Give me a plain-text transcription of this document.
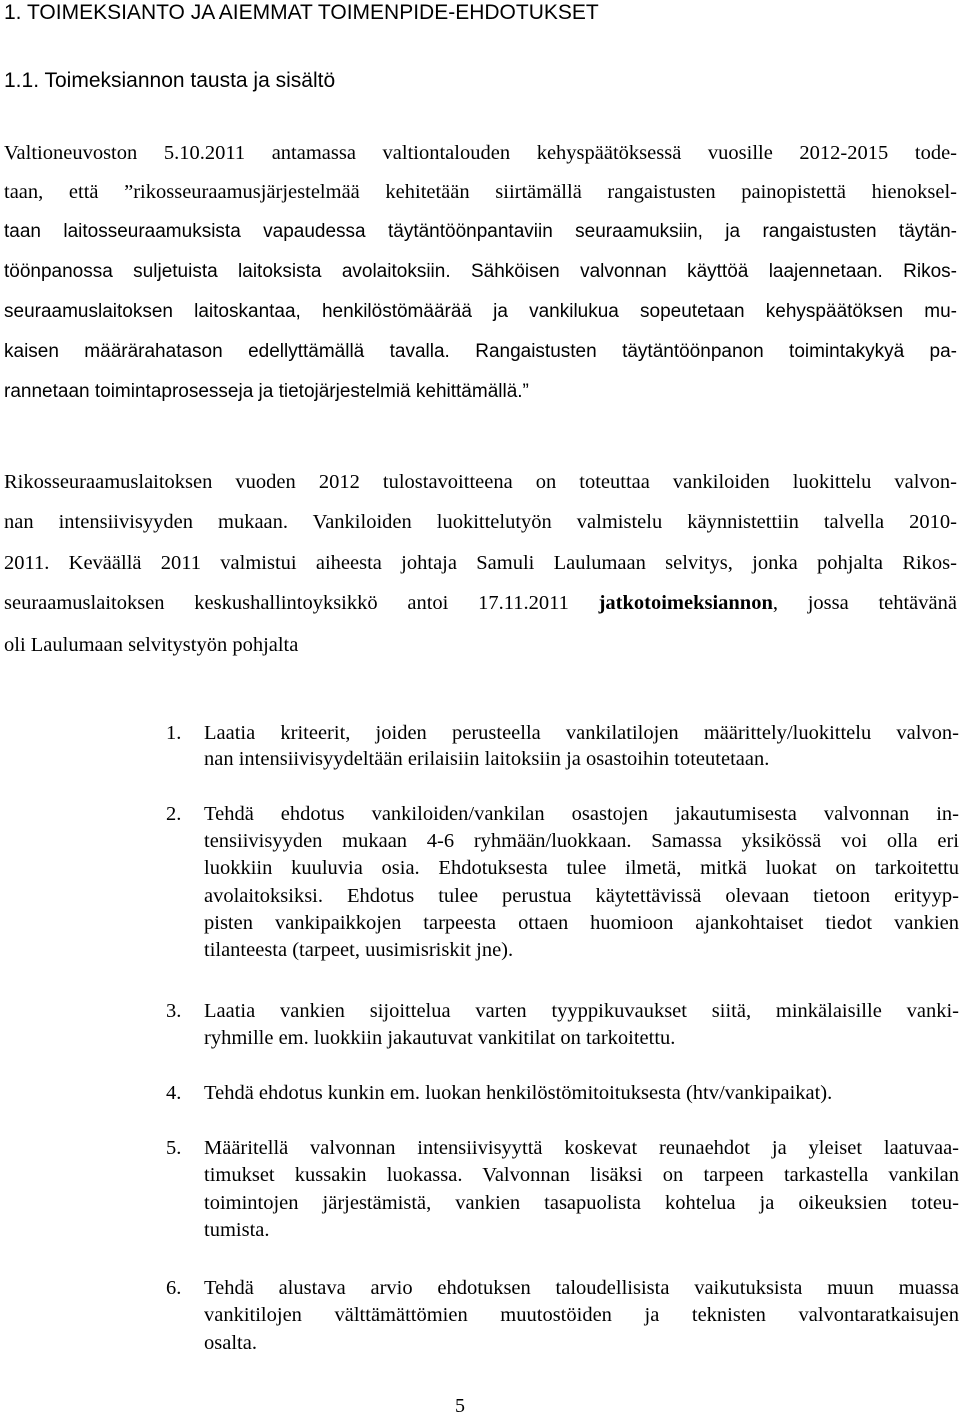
1. TOIMEKSIANTO JA AIEMMAT TOIMENPIDE-EHDOTUKSET
1.1. Toimeksiannon tausta ja sisältö
Valtioneuvoston 5.10.2011 antamassa valtiontalouden kehyspäätöksessä vuosille 2012-2015 tode-
taan, että ”rikosseuraamusjärjestelmää kehitetään siirtämällä rangaistusten painopistettä hienoksel-
taan laitosseuraamuksista vapaudessa täytäntöönpantaviin seuraamuksiin, ja rangaistusten täytän-
töönpanossa suljetuista laitoksista avolaitoksiin. Sähköisen valvonnan käyttöä laajennetaan. Rikos-
seuraamuslaitoksen laitoskantaa, henkilöstömäärää ja vankilukua sopeutetaan kehyspäätöksen mu-
kaisen määrärahatason edellyttämällä tavalla. Rangaistusten täytäntöönpanon toimintakykyä pa-
rannetaan toimintaprosesseja ja tietojärjestelmiä kehittämällä.”
Rikosseuraamuslaitoksen vuoden 2012 tulostavoitteena on toteuttaa vankiloiden luokittelu valvon-
nan intensiivisyyden mukaan. Vankiloiden luokittelutyön valmistelu käynnistettiin talvella 2010-
2011. Keväällä 2011 valmistui aiheesta johtaja Samuli Laulumaan selvitys, jonka pohjalta Rikos-
seuraamuslaitoksen keskushallintoyksikkö antoi 17.11.2011 jatkotoimeksiannon, jossa tehtävänä
oli Laulumaan selvitystyön pohjalta
1. Laatia kriteerit, joiden perusteella vankilatilojen määrittely/luokittelu valvon-
nan intensiivisyydeltään erilaisiin laitoksiin ja osastoihin toteutetaan.
2. Tehdä ehdotus vankiloiden/vankilan osastojen jakautumisesta valvonnan in-
tensiivisyyden mukaan 4-6 ryhmään/luokkaan. Samassa yksikössä voi olla eri
luokkiin kuuluvia osia. Ehdotuksesta tulee ilmetä, mitkä luokat on tarkoitettu
avolaitoksiksi. Ehdotus tulee perustua käytettävissä olevaan tietoon erityyp-
pisten vankipaikkojen tarpeesta ottaen huomioon ajankohtaiset tiedot vankien
tilanteesta (tarpeet, uusimisriskit jne).
3. Laatia vankien sijoittelua varten tyyppikuvaukset siitä, minkälaisille vanki-
ryhmille em. luokkiin jakautuvat vankitilat on tarkoitettu.
4. Tehdä ehdotus kunkin em. luokan henkilöstömitoituksesta (htv/vankipaikat).
5. Määritellä valvonnan intensiivisyyttä koskevat reunaehdot ja yleiset laatuvaa-
timukset kussakin luokassa. Valvonnan lisäksi on tarpeen tarkastella vankilan
toimintojen järjestämistä, vankien tasapuolista kohtelua ja oikeuksien toteu-
tumista.
6. Tehdä alustava arvio ehdotuksen taloudellisista vaikutuksista muun muassa
vankitilojen välttämättömien muutostöiden ja teknisten valvontaratkaisujen
osalta.
5
